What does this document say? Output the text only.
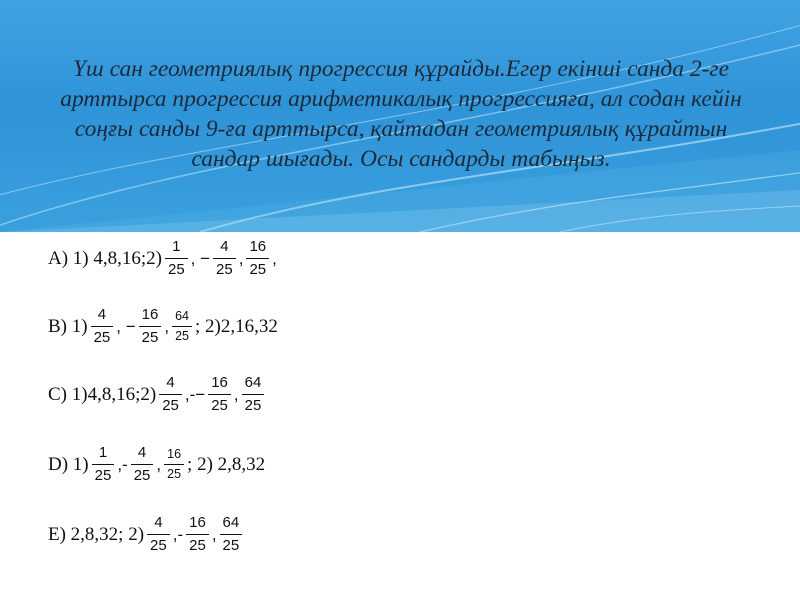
Үш сан геометриялық прогрессия құрайды.Егер екінші санда 2-ге арттырса прогрессия арифметикалық прогрессияға, ал содан кейін соңғы санды 9-ға арттырса, қайтадан геометриялық құрайтын сандар шығады. Осы сандарды табыңыз.

А) 1) 4,8,16;2) $\frac{1}{25}$ , − $\frac{4}{25}$ , $\frac{16}{25}$ ,
B) $1) \frac{4}{25}$ , − $\frac{16}{25}$ , $\frac{64}{25}$ ; 2)2,16,32
C) 1)4,8,16;2) $\frac{4}{25}$ ,-− $\frac{16}{25}$ , $\frac{64}{25}$
D) $1) \frac{1}{25}$ ,- $\frac{4}{25}$ , $\frac{16}{25}$ ; 2) 2,8,32
E) 2,8,32; $2) \frac{4}{25}$ ,- $\frac{16}{25}$ , $\frac{64}{25}$
